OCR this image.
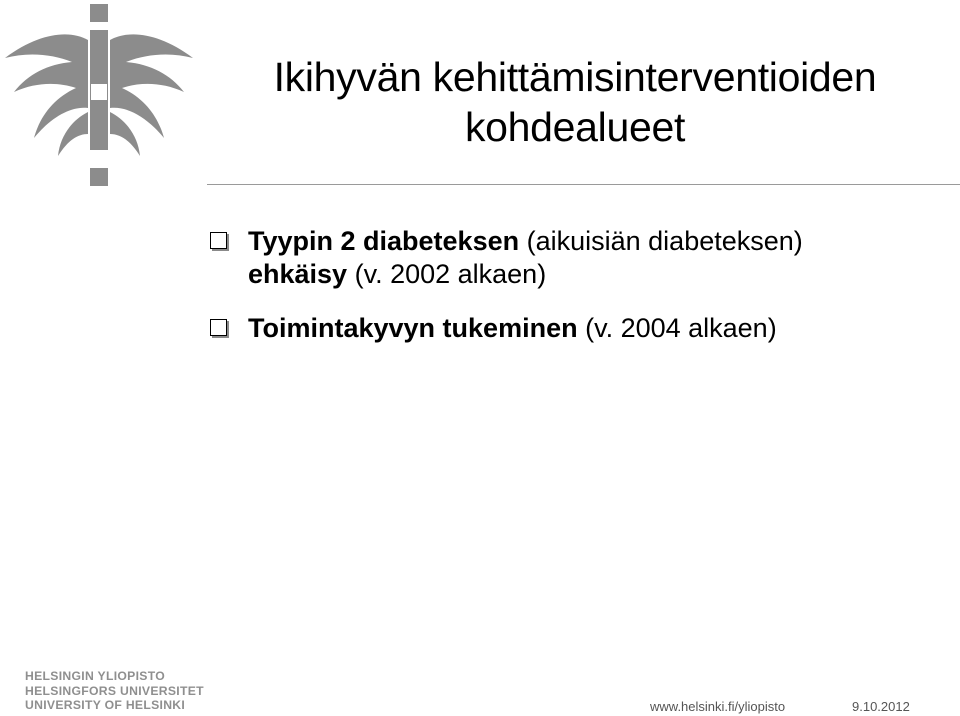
Ikihyvän kehittämisinterventioiden kohdealueet
Tyypin 2 diabeteksen (aikuisiän diabeteksen)
ehkäisy (v. 2002 alkaen)
Toimintakyvyn tukeminen (v. 2004 alkaen)
HELSINGIN YLIOPISTO
HELSINGFORS UNIVERSITET
UNIVERSITY OF HELSINKI	www.helsinki.fi/yliopisto	9.10.2012
